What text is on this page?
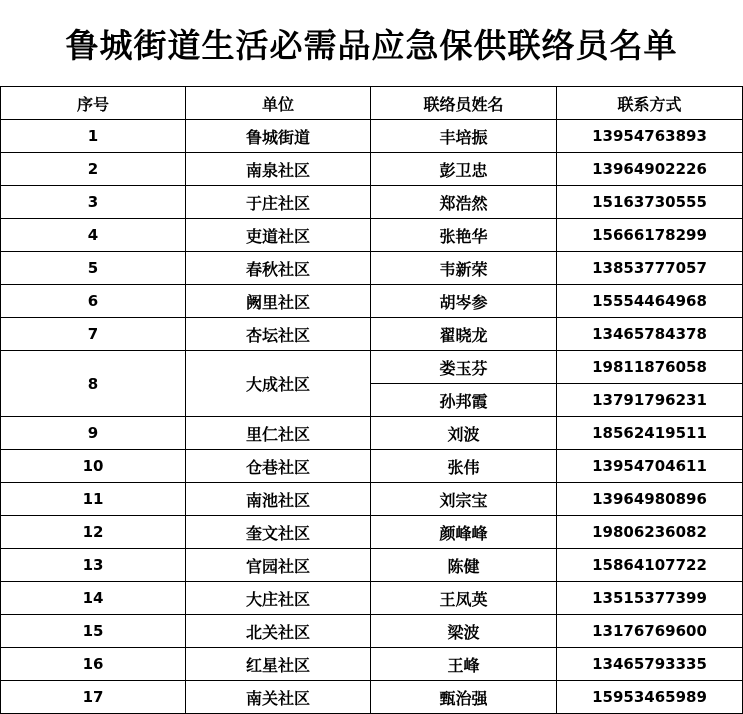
鲁城街道生活必需品应急保供联络员名单
序号	单位	联络员姓名	联系方式
1	鲁城街道	丰培振	13954763893
2	南泉社区	彭卫忠	13964902226
3	于庄社区	郑浩然	15163730555
4	吏道社区	张艳华	15666178299
5	春秋社区	韦新荣	13853777057
6	阙里社区	胡岑参	15554464968
7	杏坛社区	翟晓龙	13465784378
8	大成社区	娄玉芬	19811876058
		孙邦霞	13791796231
9	里仁社区	刘波	18562419511
10	仓巷社区	张伟	13954704611
11	南池社区	刘宗宝	13964980896
12	奎文社区	颜峰峰	19806236082
13	官园社区	陈健	15864107722
14	大庄社区	王凤英	13515377399
15	北关社区	梁波	13176769600
16	红星社区	王峰	13465793335
17	南关社区	甄治强	15953465989
